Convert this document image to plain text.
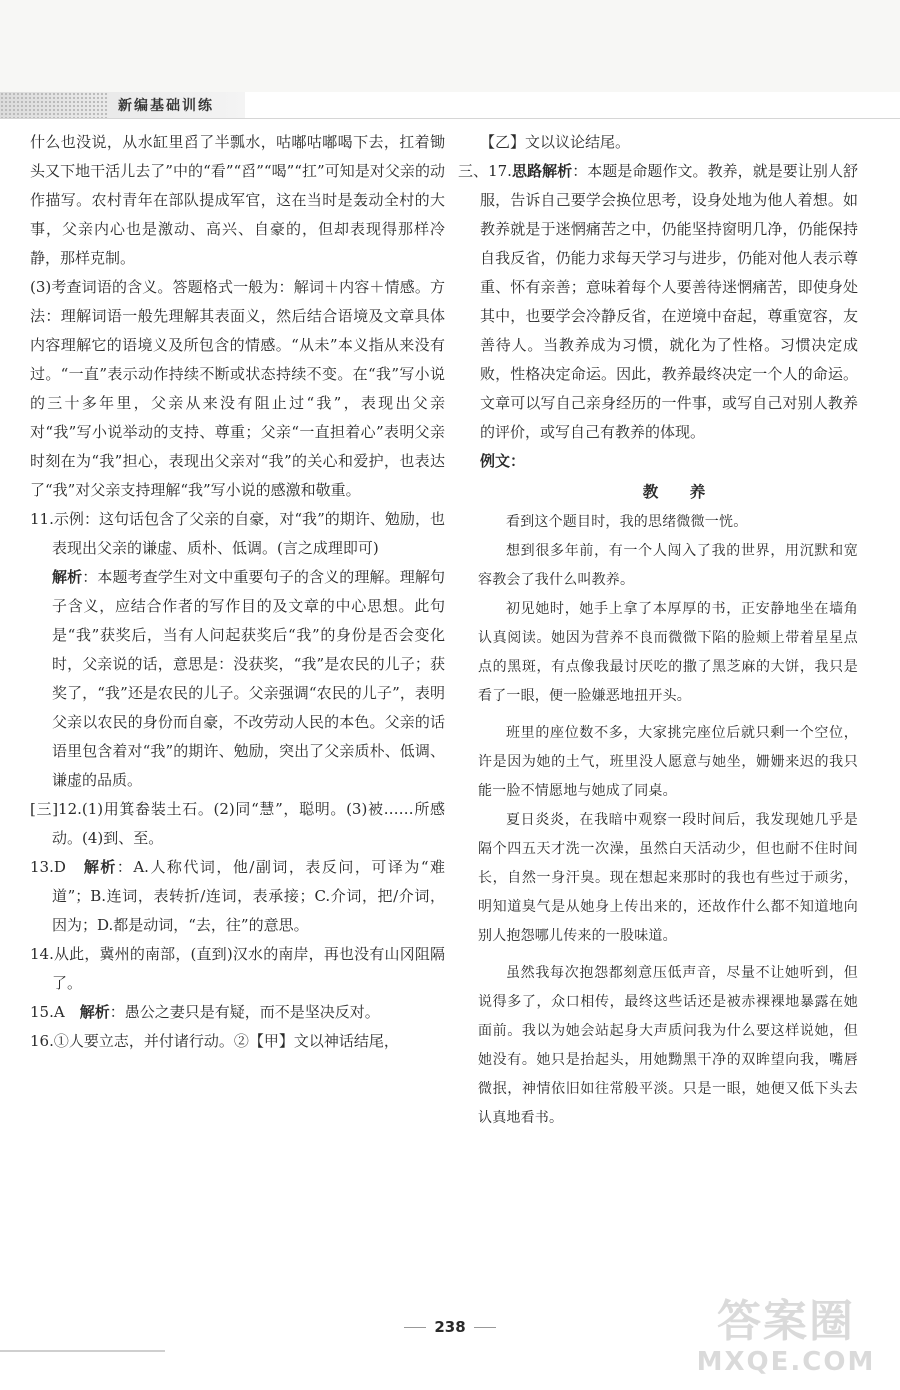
新编基础训练

什么也没说，从水缸里舀了半瓢水，咕嘟咕嘟喝下去，扛着锄头又下地干活儿去了”中的“看”“舀”“喝”“扛”可知是对父亲的动作描写。农村青年在部队提成军官，这在当时是轰动全村的大事，父亲内心也是激动、高兴、自豪的，但却表现得那样冷静，那样克制。

(3)考查词语的含义。答题格式一般为：解词＋内容＋情感。方法：理解词语一般先理解其表面义，然后结合语境及文章具体内容理解它的语境义及所包含的情感。“从未”本义指从来没有过。“一直”表示动作持续不断或状态持续不变。在“我”写小说的三十多年里，父亲从来没有阻止过“我”，表现出父亲对“我”写小说举动的支持、尊重；父亲“一直担着心”表明父亲时刻在为“我”担心，表现出父亲对“我”的关心和爱护，也表达了“我”对父亲支持理解“我”写小说的感激和敬重。

11.示例：这句话包含了父亲的自豪，对“我”的期许、勉励，也表现出父亲的谦虚、质朴、低调。(言之成理即可)

解析：本题考查学生对文中重要句子的含义的理解。理解句子含义，应结合作者的写作目的及文章的中心思想。此句是“我”获奖后，当有人问起获奖后“我”的身份是否会变化时，父亲说的话，意思是：没获奖，“我”是农民的儿子；获奖了，“我”还是农民的儿子。父亲强调“农民的儿子”，表明父亲以农民的身份而自豪，不改劳动人民的本色。父亲的话语里包含着对“我”的期许、勉励，突出了父亲质朴、低调、谦虚的品质。

[三]12.(1)用箕畚装土石。(2)同“慧”，聪明。(3)被……所感动。(4)到、至。

13.D　解析：A.人称代词，他/副词，表反问，可译为“难道”；B.连词，表转折/连词，表承接；C.介词，把/介词，因为；D.都是动词，“去，往”的意思。

14.从此，冀州的南部，(直到)汉水的南岸，再也没有山冈阻隔了。

15.A　解析：愚公之妻只是有疑，而不是坚决反对。

16.①人要立志，并付诸行动。②【甲】文以神话结尾，

【乙】文以议论结尾。

三、17.思路解析：本题是命题作文。教养，就是要让别人舒服，告诉自己要学会换位思考，设身处地为他人着想。如教养就是于迷惘痛苦之中，仍能坚持窗明几净，仍能保持自我反省，仍能力求每天学习与进步，仍能对他人表示尊重、怀有亲善；意味着每个人要善待迷惘痛苦，即使身处其中，也要学会冷静反省，在逆境中奋起，尊重宽容，友善待人。当教养成为习惯，就化为了性格。习惯决定成败，性格决定命运。因此，教养最终决定一个人的命运。文章可以写自己亲身经历的一件事，或写自己对别人教养的评价，或写自己有教养的体现。

例文：

教　养

看到这个题目时，我的思绪微微一恍。

想到很多年前，有一个人闯入了我的世界，用沉默和宽容教会了我什么叫教养。

初见她时，她手上拿了本厚厚的书，正安静地坐在墙角认真阅读。她因为营养不良而微微下陷的脸颊上带着星星点点的黑斑，有点像我最讨厌吃的撒了黑芝麻的大饼，我只是看了一眼，便一脸嫌恶地扭开头。

班里的座位数不多，大家挑完座位后就只剩一个空位，许是因为她的土气，班里没人愿意与她坐，姗姗来迟的我只能一脸不情愿地与她成了同桌。

夏日炎炎，在我暗中观察一段时间后，我发现她几乎是隔个四五天才洗一次澡，虽然白天活动少，但也耐不住时间长，自然一身汗臭。现在想起来那时的我也有些过于顽劣，明知道臭气是从她身上传出来的，还故作什么都不知道地向别人抱怨哪儿传来的一股味道。

虽然我每次抱怨都刻意压低声音，尽量不让她听到，但说得多了，众口相传，最终这些话还是被赤裸裸地暴露在她面前。我以为她会站起身大声质问我为什么要这样说她，但她没有。她只是抬起头，用她黝黑干净的双眸望向我，嘴唇微抿，神情依旧如往常般平淡。只是一眼，她便又低下头去认真地看书。

238	答案圈
MXQE.COM
